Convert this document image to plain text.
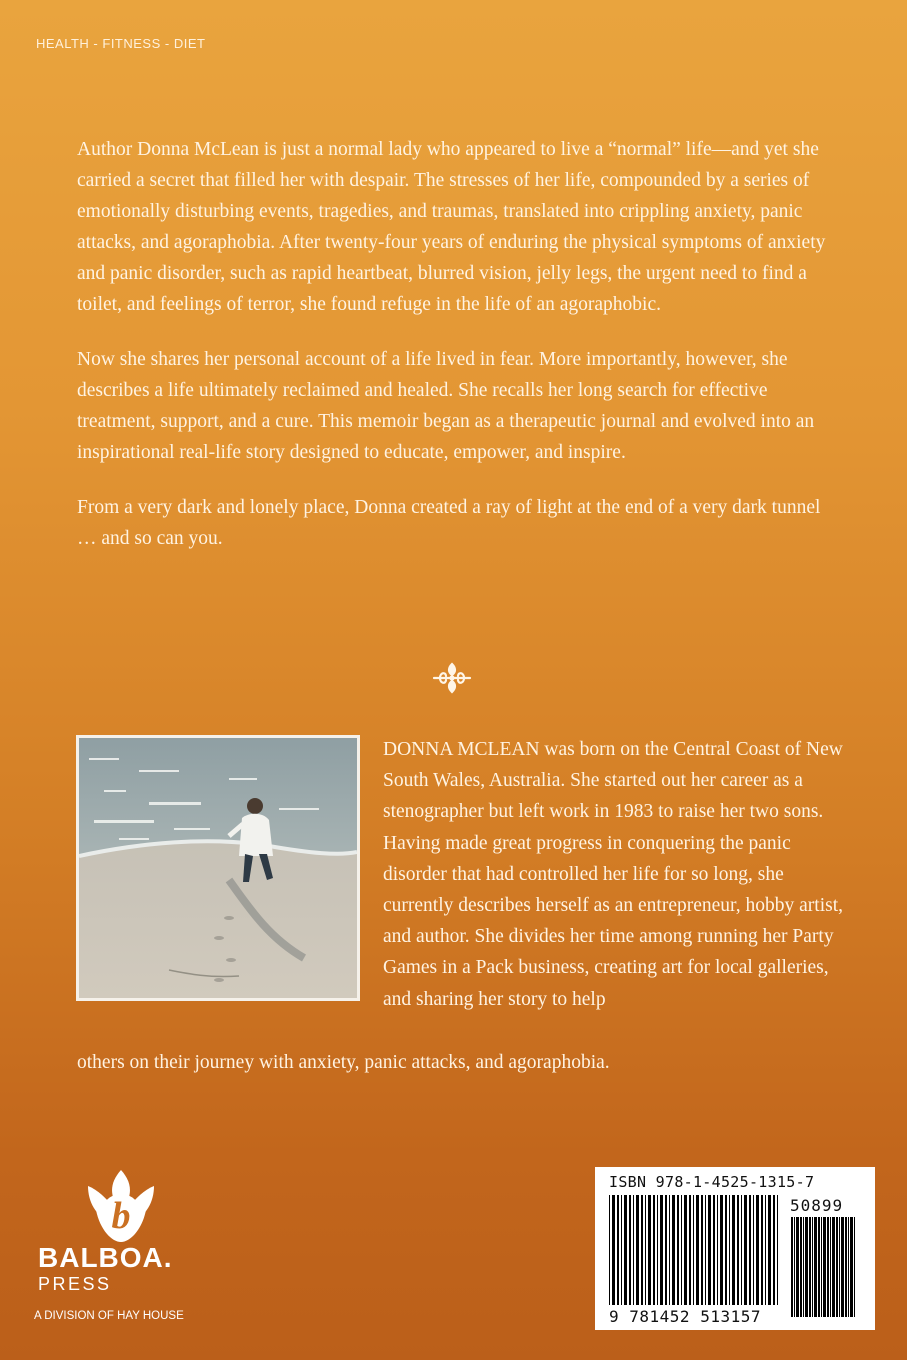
HEALTH - FITNESS - DIET

Author Donna McLean is just a normal lady who appeared to live a “normal” life—and yet she carried a secret that filled her with despair. The stresses of her life, compounded by a series of emotionally disturbing events, tragedies, and traumas, translated into crippling anxiety, panic attacks, and agoraphobia. After twenty-four years of enduring the physical symptoms of anxiety and panic disorder, such as rapid heartbeat, blurred vision, jelly legs, the urgent need to find a toilet, and feelings of terror, she found refuge in the life of an agoraphobic.

Now she shares her personal account of a life lived in fear. More importantly, however, she describes a life ultimately reclaimed and healed. She recalls her long search for effective treatment, support, and a cure. This memoir began as a therapeutic journal and evolved into an inspirational real-life story designed to educate, empower, and inspire.

From a very dark and lonely place, Donna created a ray of light at the end of a very dark tunnel … and so can you.

DONNA MCLEAN was born on the Central Coast of New South Wales, Australia. She started out her career as a stenographer but left work in 1983 to raise her two sons. Having made great progress in conquering the panic disorder that had controlled her life for so long, she currently describes herself as an entrepreneur, hobby artist, and author. She divides her time among running her Party Games in a Pack business, creating art for local galleries, and sharing her story to help
others on their journey with anxiety, panic attacks, and agoraphobia.
b
BALBOA.
PRESS
A DIVISION OF HAY HOUSE
ISBN 978-1-4525-1315-7
50899
9 781452 513157
